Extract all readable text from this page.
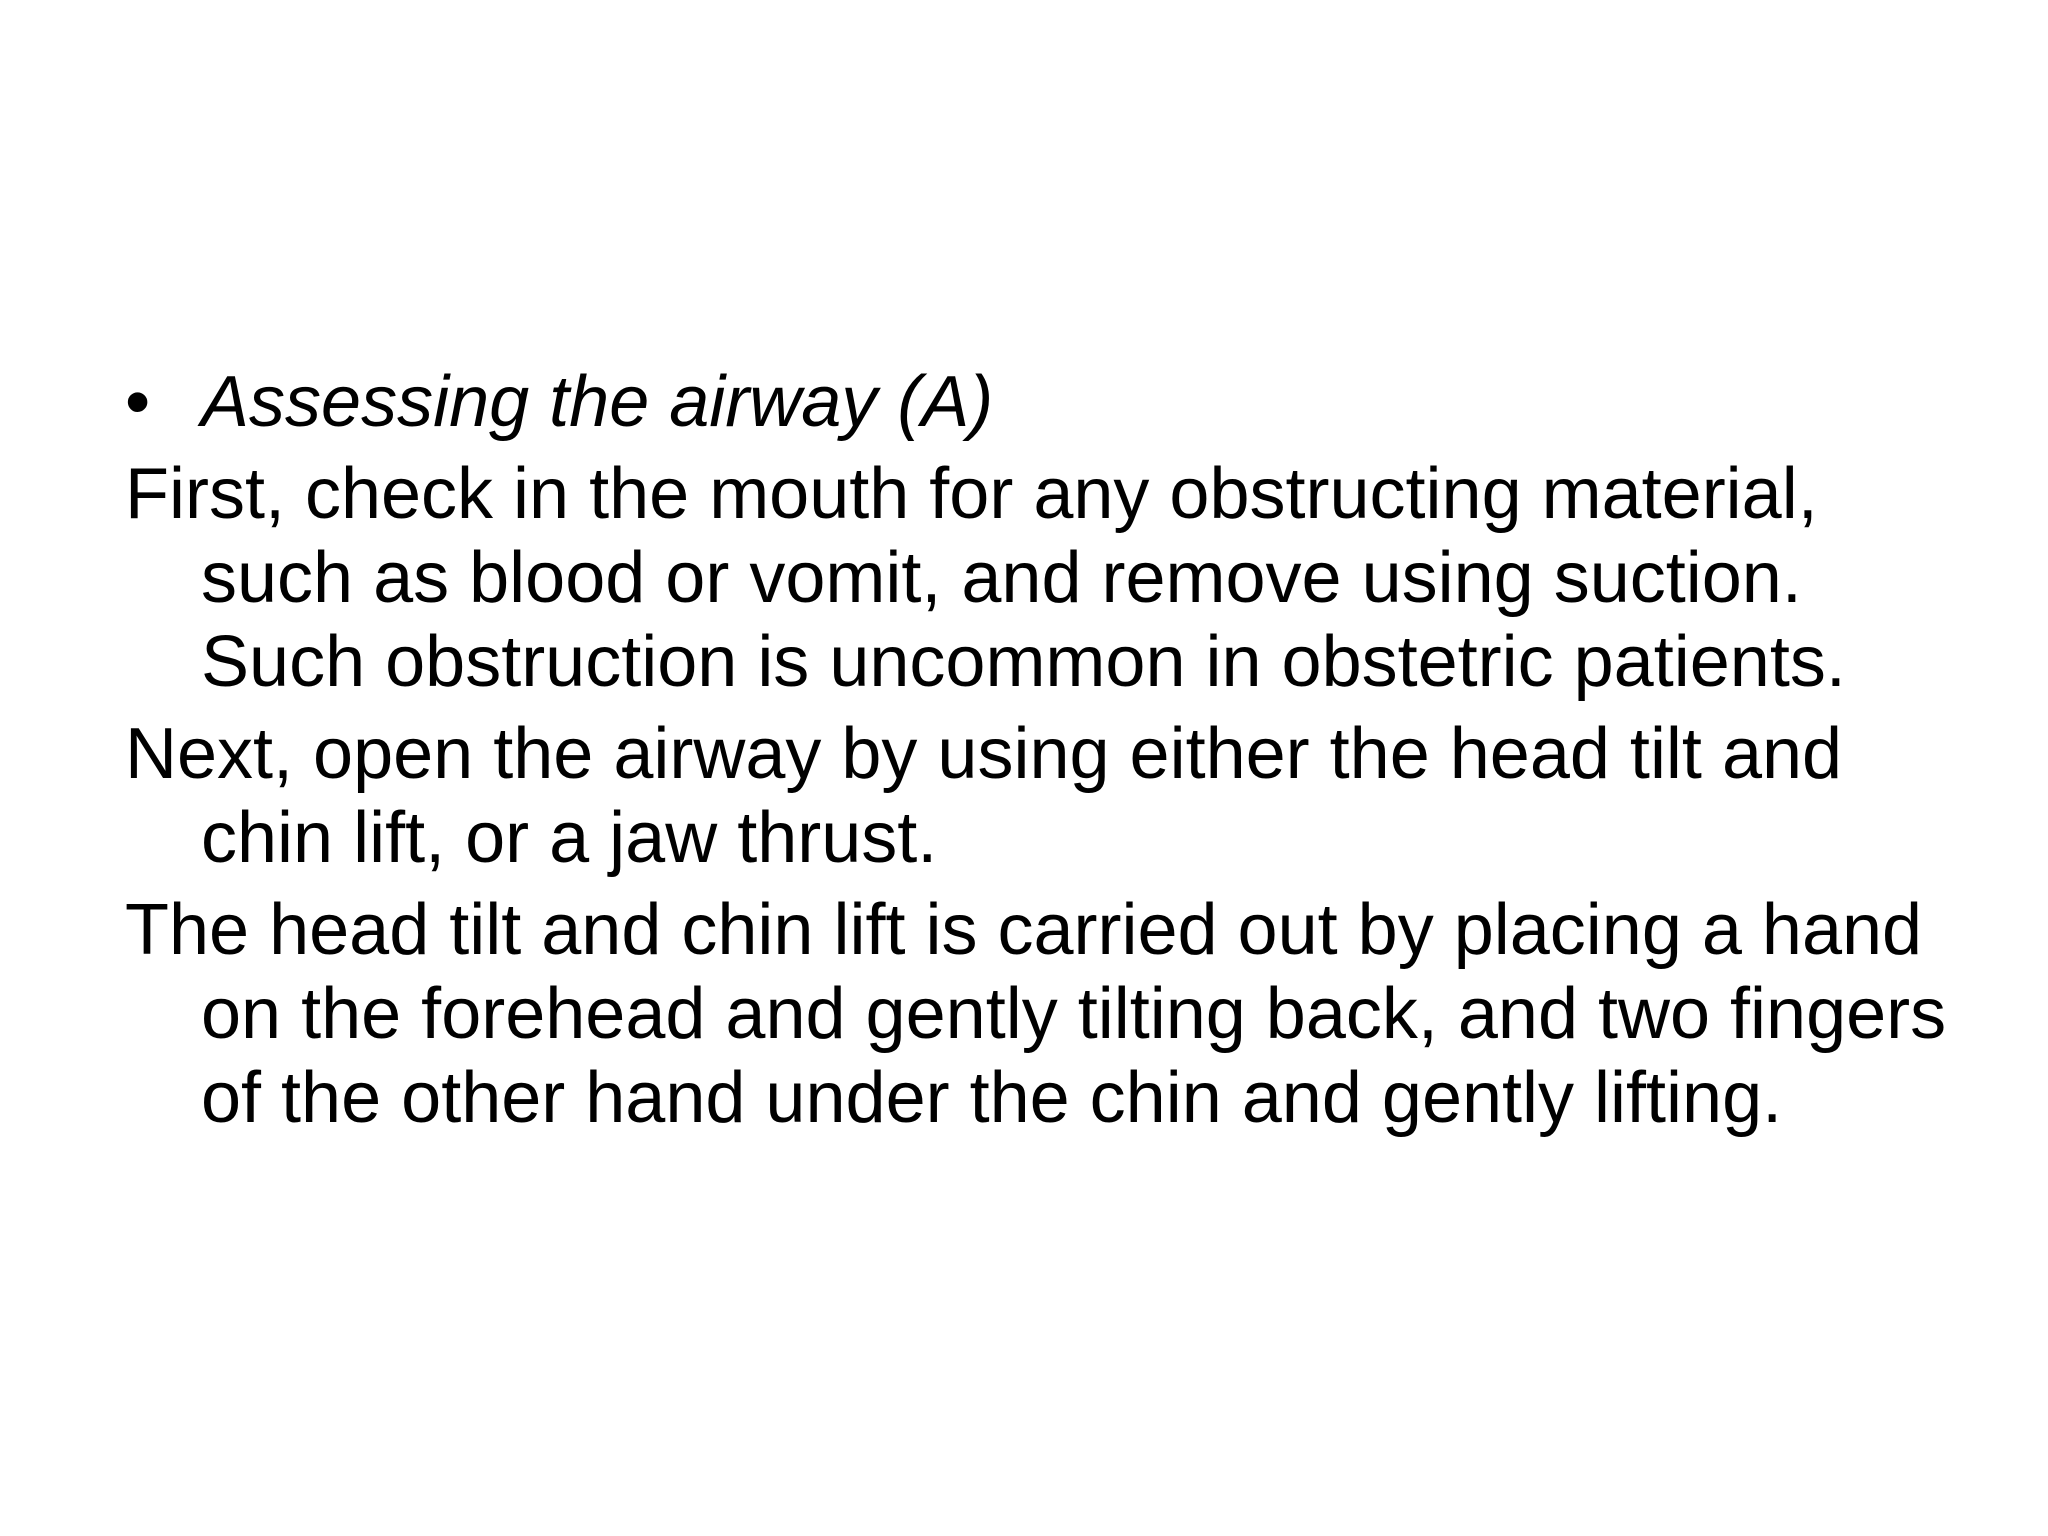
• Assessing the airway (A)
First, check in the mouth for any obstructing material, such as blood or vomit, and remove using suction. Such obstruction is uncommon in obstetric patients.
Next, open the airway by using either the head tilt and chin lift, or a jaw thrust.
The head tilt and chin lift is carried out by placing a hand on the forehead and gently tilting back, and two fingers of the other hand under the chin and gently lifting.
